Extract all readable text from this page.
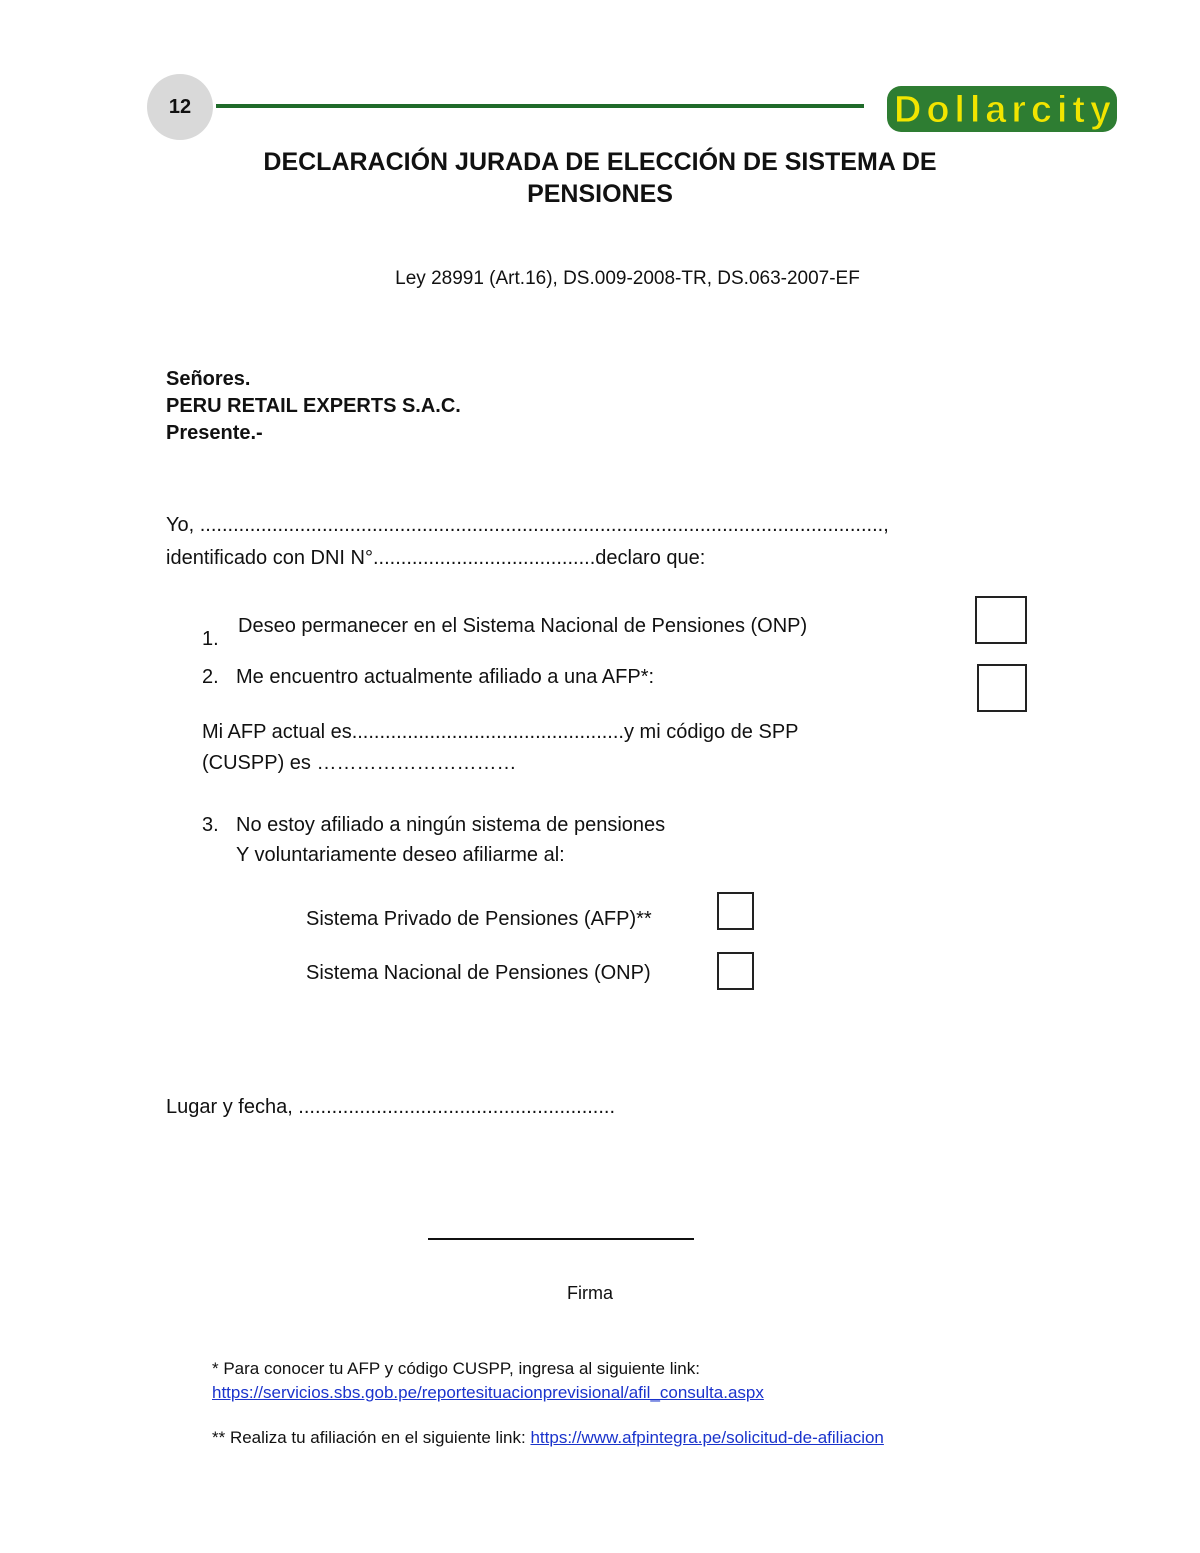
12	Dollarcity
DECLARACIÓN JURADA DE ELECCIÓN DE SISTEMA DE
PENSIONES
Ley 28991 (Art.16), DS.009-2008-TR, DS.063-2007-EF
Señores.
PERU RETAIL EXPERTS S.A.C.
Presente.-
Yo, ...........................................................................................................................,
identificado con DNI N°........................................declaro que:
1.
Deseo permanecer en el Sistema Nacional de Pensiones (ONP)
2. Me encuentro actualmente afiliado a una AFP*:
Mi AFP actual es.................................................y mi código de SPP
(CUSPP) es …………………………
3. No estoy afiliado a ningún sistema de pensiones
Y voluntariamente deseo afiliarme al:
Sistema Privado de Pensiones (AFP)**
Sistema Nacional de Pensiones (ONP)
Lugar y fecha, .........................................................
Firma
* Para conocer tu AFP y código CUSPP, ingresa al siguiente link:
https://servicios.sbs.gob.pe/reportesituacionprevisional/afil_consulta.aspx
** Realiza tu afiliación en el siguiente link: https://www.afpintegra.pe/solicitud-de-afiliacion
